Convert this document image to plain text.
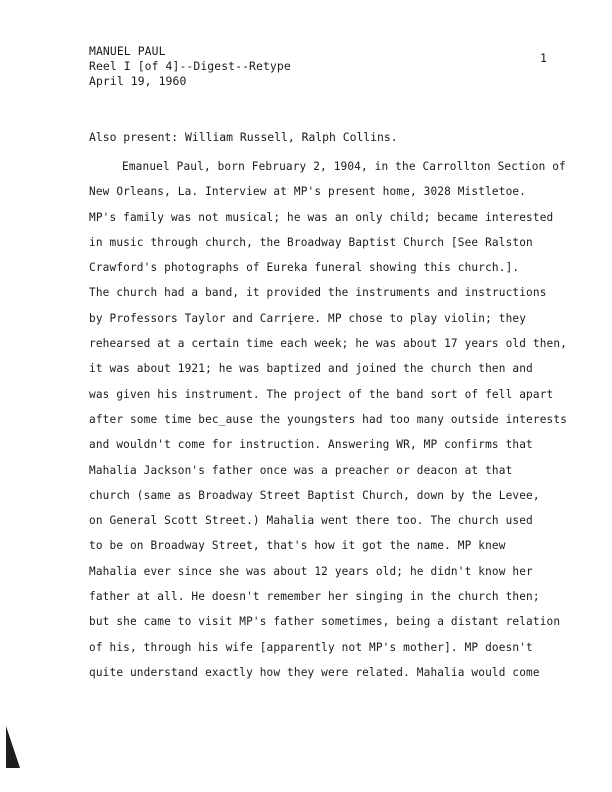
MANUEL PAUL
Reel I [of 4]--Digest--Retype
April 19, 1960
1
Also present: William Russell, Ralph Collins.
Emanuel Paul, born February 2, 1904, in the Carrollton Section of
New Orleans, La. Interview at MP's present home, 3028 Mistletoe.
MP's family was not musical; he was an only child; became interested
in music through church, the Broadway Baptist Church [See Ralston
Crawford's photographs of Eureka funeral showing this church.].
The church had a band, it provided the instruments and instructions
by Professors Taylor and Carrįere. MP chose to play violin; they
rehearsed at a certain time each week; he was about 17 years old then,
it was about 1921; he was baptized and joined the church then and
was given his instrument. The project of the band sort of fell apart
after some time bec_ause the youngsters had too many outside interests
and wouldn't come for instruction. Answering WR, MP confirms that
Mahalia Jackson's father once was a preacher or deacon at that
church (same as Broadway Street Baptist Church, down by the Levee,
on General Scott Street.) Mahalia went there too. The church used
to be on Broadway Street, that's how it got the name. MP knew
Mahalia ever since she was about 12 years old; he didn't know her
father at all. He doesn't remember her singing in the church then;
but she came to visit MP's father sometimes, being a distant relation
of his, through his wife [apparently not MP's mother]. MP doesn't
quite understand exactly how they were related. Mahalia would come
